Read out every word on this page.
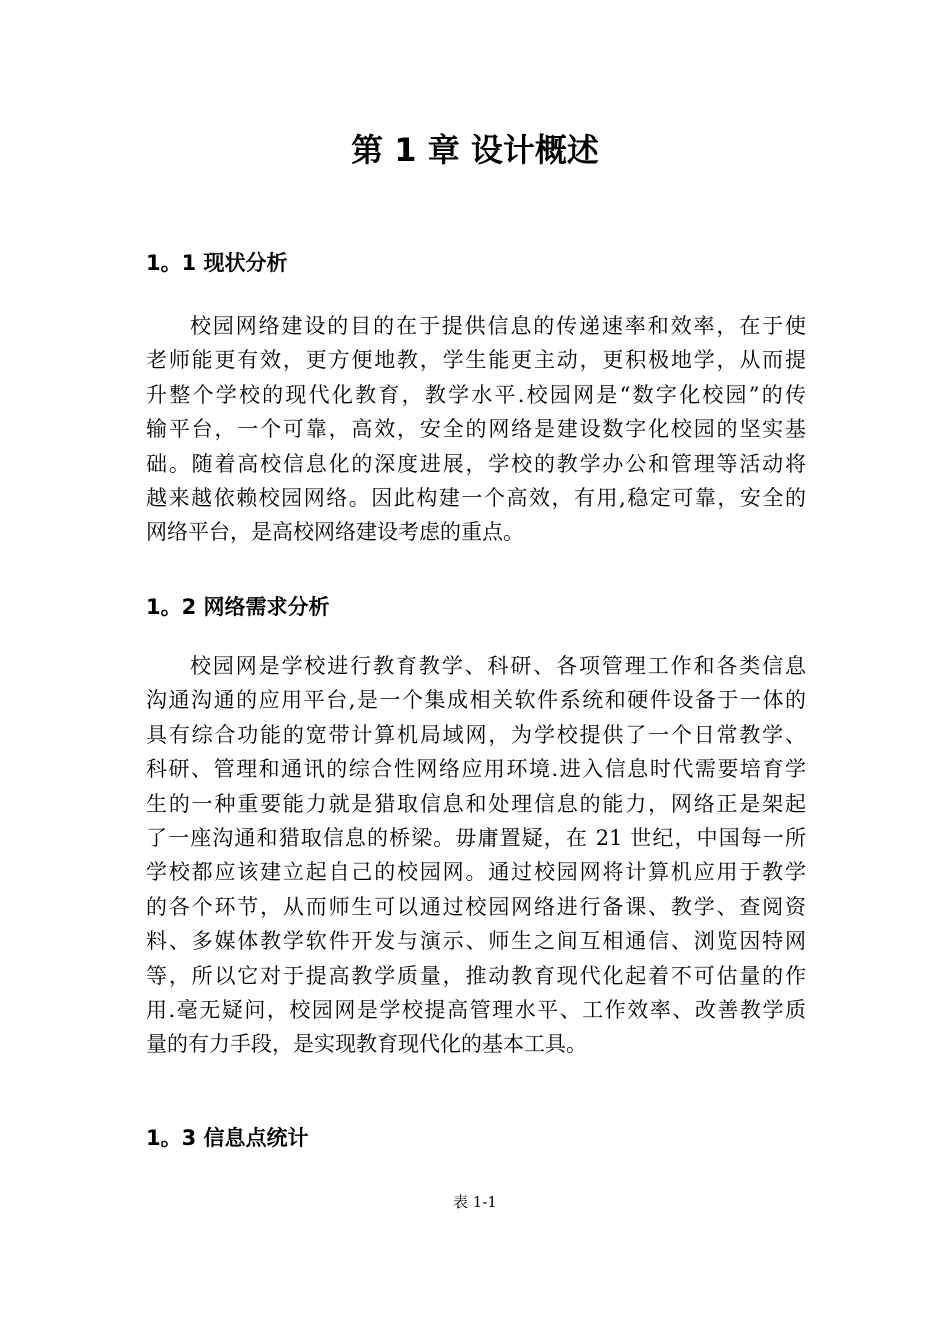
第 1 章 设计概述
1。1 现状分析
校园网络建设的目的在于提供信息的传递速率和效率，在于使
老师能更有效，更方便地教，学生能更主动，更积极地学，从而提
升整个学校的现代化教育，教学水平.校园网是“数字化校园”的传
输平台，一个可靠，高效，安全的网络是建设数字化校园的坚实基
础。随着高校信息化的深度进展，学校的教学办公和管理等活动将
越来越依赖校园网络。因此构建一个高效，有用,稳定可靠，安全的
网络平台，是高校网络建设考虑的重点。
1。2 网络需求分析
校园网是学校进行教育教学、科研、各项管理工作和各类信息
沟通沟通的应用平台,是一个集成相关软件系统和硬件设备于一体的
具有综合功能的宽带计算机局域网，为学校提供了一个日常教学、
科研、管理和通讯的综合性网络应用环境.进入信息时代需要培育学
生的一种重要能力就是猎取信息和处理信息的能力，网络正是架起
了一座沟通和猎取信息的桥梁。毋庸置疑，在 21 世纪，中国每一所
学校都应该建立起自己的校园网。通过校园网将计算机应用于教学
的各个环节，从而师生可以通过校园网络进行备课、教学、查阅资
料、多媒体教学软件开发与演示、师生之间互相通信、浏览因特网
等，所以它对于提高教学质量，推动教育现代化起着不可估量的作
用.毫无疑问，校园网是学校提高管理水平、工作效率、改善教学质
量的有力手段，是实现教育现代化的基本工具。
1。3 信息点统计

表 1-1
